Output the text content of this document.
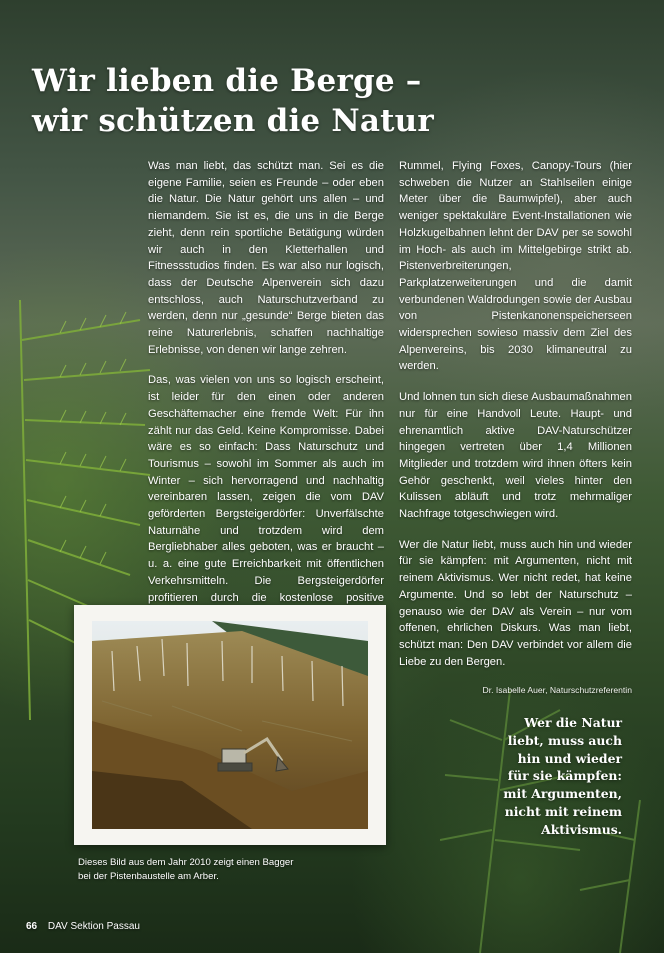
Wir lieben die Berge –
wir schützen die Natur

Was man liebt, das schützt man. Sei es die eigene Familie, seien es Freunde – oder eben die Natur. Die Natur gehört uns allen – und niemandem. Sie ist es, die uns in die Berge zieht, denn rein sportliche Betätigung würden wir auch in den Kletterhallen und Fitnessstudios finden. Es war also nur logisch, dass der Deutsche Alpenverein sich dazu entschloss, auch Naturschutzverband zu werden, denn nur „gesunde“ Berge bieten das reine Naturerlebnis, schaffen nachhaltige Erlebnisse, von denen wir lange zehren.

Das, was vielen von uns so logisch erscheint, ist leider für den einen oder anderen Geschäftemacher eine fremde Welt: Für ihn zählt nur das Geld. Keine Kompromisse. Dabei wäre es so einfach: Dass Naturschutz und Tourismus – sowohl im Sommer als auch im Winter – sich hervorragend und nachhaltig vereinbaren lassen, zeigen die vom DAV geförderten Bergsteigerdörfer: Unverfälschte Naturnähe und trotzdem wird dem Bergliebhaber alles geboten, was er braucht – u. a. eine gute Erreichbarkeit mit öffentlichen Verkehrsmitteln. Die Bergsteigerdörfer profitieren durch die kostenlose positive

Rummel, Flying Foxes, Canopy-Tours (hier schweben die Nutzer an Stahlseilen einige Meter über die Baumwipfel), aber auch weniger spektakuläre Event-Installationen wie Holzkugelbahnen lehnt der DAV per se sowohl im Hoch- als auch im Mittelgebirge strikt ab. Pistenverbreiterungen, Parkplatzerweiterungen und die damit verbundenen Waldrodungen sowie der Ausbau von Pistenkanonenspeicherseen widersprechen sowieso massiv dem Ziel des Alpenvereins, bis 2030 klimaneutral zu werden.

Und lohnen tun sich diese Ausbaumaßnahmen nur für eine Handvoll Leute. Haupt- und ehrenamtlich aktive DAV-Naturschützer hingegen vertreten über 1,4 Millionen Mitglieder und trotzdem wird ihnen öfters kein Gehör geschenkt, weil vieles hinter den Kulissen abläuft und trotz mehrmaliger Nachfrage totgeschwiegen wird.

Wer die Natur liebt, muss auch hin und wieder für sie kämpfen: mit Argumenten, nicht mit reinem Aktivismus. Wer nicht redet, hat keine Argumente. Und so lebt der Naturschutz – genauso wie der DAV als Verein – nur vom offenen, ehrlichen Diskurs. Was man liebt, schützt man: Den DAV verbindet vor allem die Liebe zu den Bergen.

Dr. Isabelle Auer, Naturschutzreferentin
Dieses Bild aus dem Jahr 2010 zeigt einen Bagger bei der Pistenbaustelle am Arber.
Wer die Natur
liebt, muss auch
hin und wieder
für sie kämpfen:
mit Argumenten,
nicht mit reinem
Aktivismus.
66 DAV Sektion Passau
